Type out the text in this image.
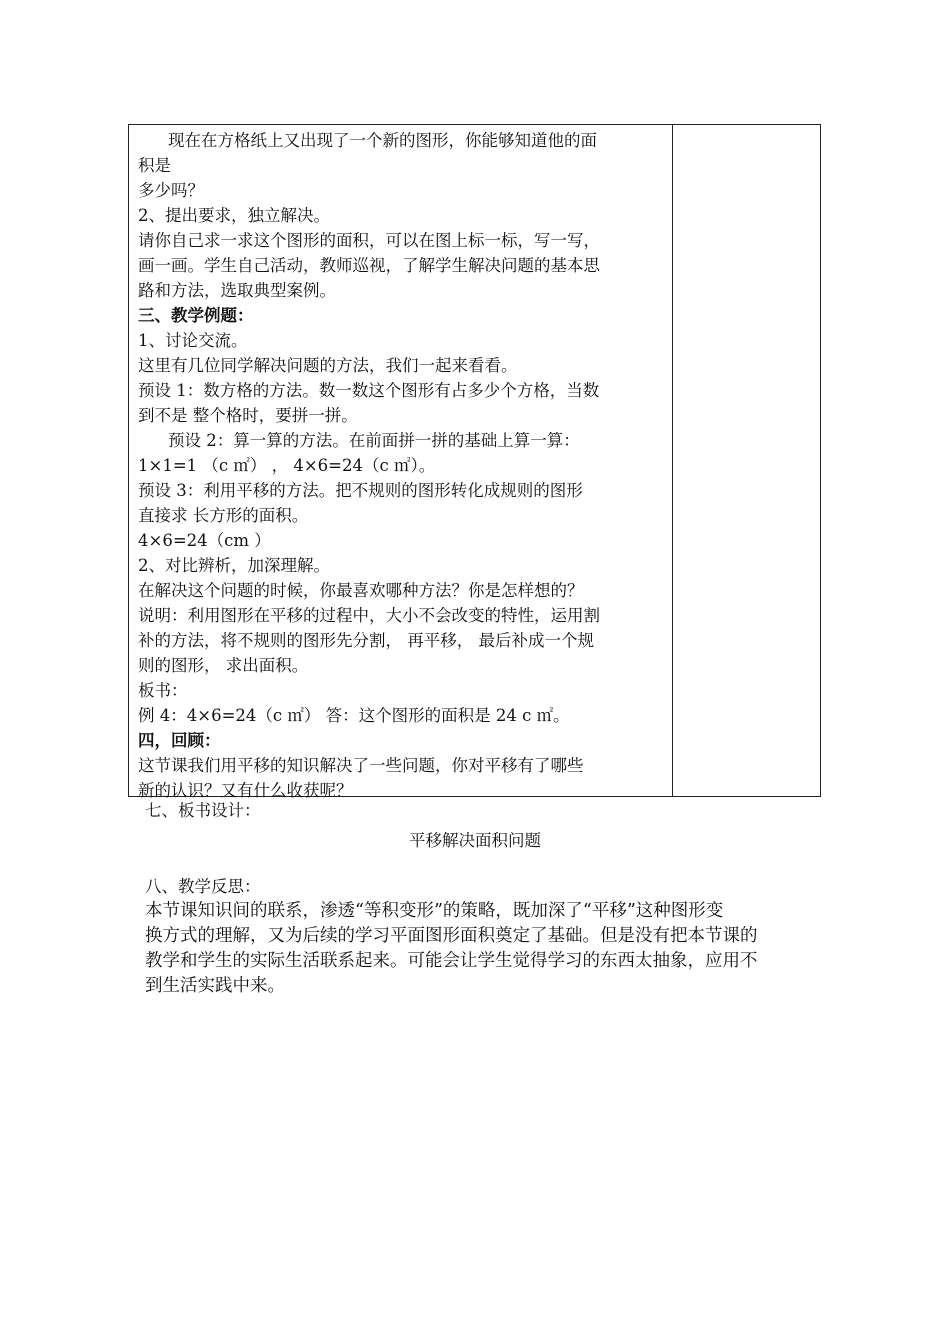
现在在方格纸上又出现了一个新的图形，你能够知道他的面
积是
多少吗？
2、提出要求，独立解决。
请你自己求一求这个图形的面积，可以在图上标一标，写一写，
画一画。学生自己活动，教师巡视，了解学生解决问题的基本思
路和方法，选取典型案例。
三、教学例题：
1、讨论交流。
这里有几位同学解决问题的方法，我们一起来看看。
预设 1：数方格的方法。数一数这个图形有占多少个方格，当数
到不是 整个格时，要拼一拼。
预设 2：算一算的方法。在前面拼一拼的基础上算一算：
1×1=1 （c ㎡） ， 4×6=24（c ㎡）。
预设 3：利用平移的方法。把不规则的图形转化成规则的图形
直接求 长方形的面积。
4×6=24（cm ）
2、对比辨析，加深理解。
在解决这个问题的时候，你最喜欢哪种方法？你是怎样想的？
说明：利用图形在平移的过程中，大小不会改变的特性，运用割
补的方法，将不规则的图形先分割， 再平移， 最后补成一个规
则的图形， 求出面积。
板书：
例 4：4×6=24（c ㎡） 答：这个图形的面积是 24 c ㎡。
四，回顾：
这节课我们用平移的知识解决了一些问题，你对平移有了哪些
新的认识？又有什么收获呢？
七、板书设计：
平移解决面积问题
八、教学反思：
本节课知识间的联系，渗透“等积变形”的策略，既加深了“平移”这种图形变
换方式的理解，又为后续的学习平面图形面积奠定了基础。但是没有把本节课的
教学和学生的实际生活联系起来。可能会让学生觉得学习的东西太抽象，应用不
到生活实践中来。
